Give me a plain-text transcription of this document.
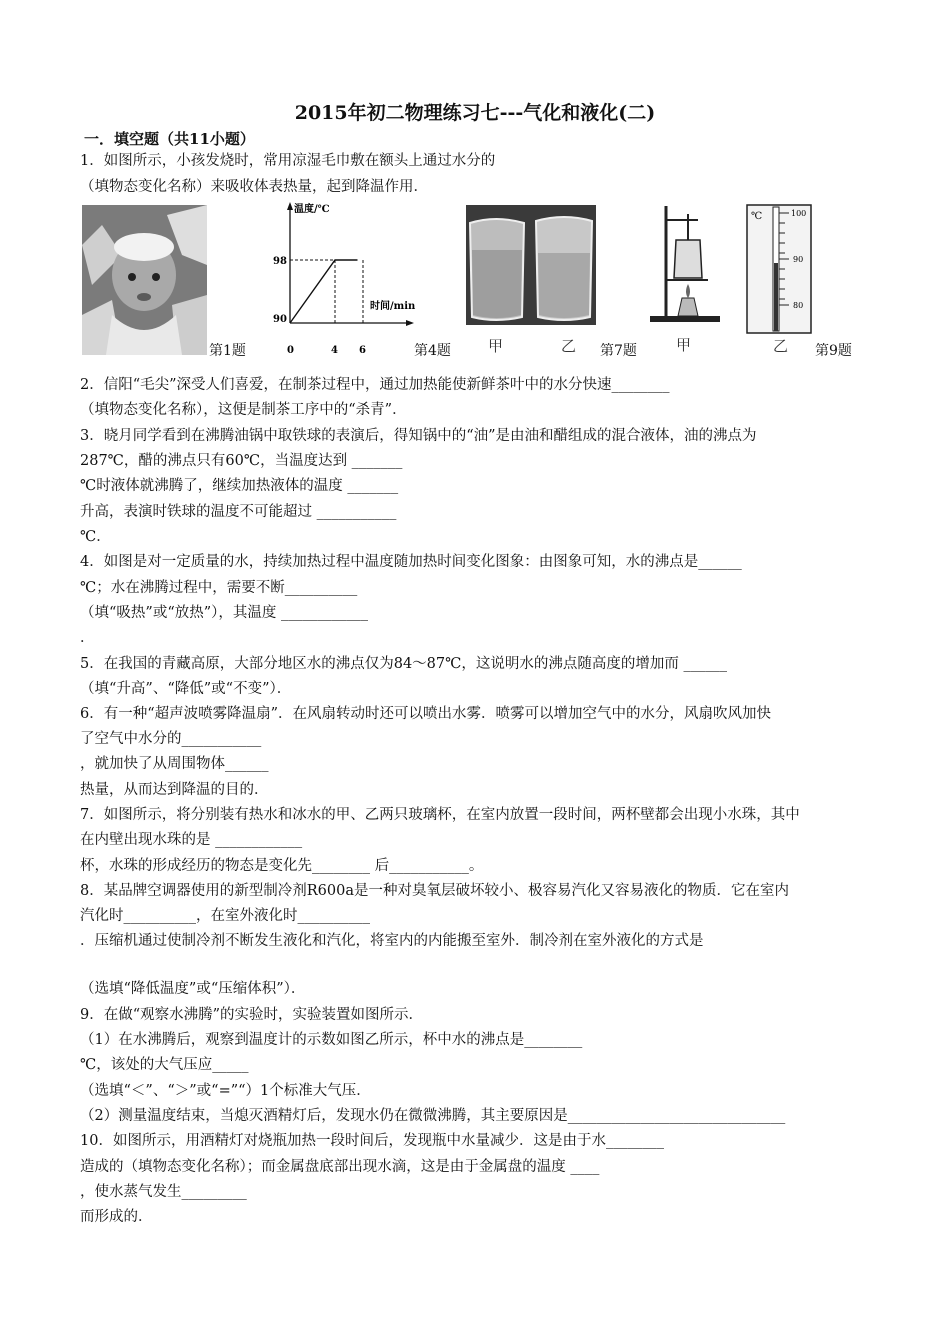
2015年初二物理练习七---气化和液化(二)
一．填空题（共11小题）
1．如图所示，小孩发烧时，常用凉湿毛巾敷在额头上通过水分的
（填物态变化名称）来吸收体表热量，起到降温作用．
第1题
温度/℃
时间/min
98
90
0	4 6	第4题 甲	乙 第7题	甲
℃	100
90
80
乙 第9题
2．信阳“毛尖”深受人们喜爱，在制茶过程中，通过加热能使新鲜茶叶中的水分快速________
（填物态变化名称），这便是制茶工序中的“杀青”．
3．晓月同学看到在沸腾油锅中取铁球的表演后，得知锅中的“油”是由油和醋组成的混合液体，油的沸点为
287℃，醋的沸点只有60℃，当温度达到 _______
℃时液体就沸腾了，继续加热液体的温度 _______
升高，表演时铁球的温度不可能超过 ___________
℃．
4．如图是对一定质量的水，持续加热过程中温度随加热时间变化图象：由图象可知，水的沸点是______
℃；水在沸腾过程中，需要不断__________
（填“吸热”或“放热”），其温度 ____________
．
5．在我国的青藏高原，大部分地区水的沸点仅为84～87℃，这说明水的沸点随高度的增加而 ______
（填“升高”、“降低”或“不变”）．
6．有一种“超声波喷雾降温扇”．在风扇转动时还可以喷出水雾．喷雾可以增加空气中的水分，风扇吹风加快
了空气中水分的___________
，就加快了从周围物体______
热量，从而达到降温的目的．
7．如图所示，将分别装有热水和冰水的甲、乙两只玻璃杯，在室内放置一段时间，两杯壁都会出现小水珠，其中
在内壁出现水珠的是 ____________
杯，水珠的形成经历的物态是变化先________ 后___________。
8．某品牌空调器使用的新型制冷剂R600a是一种对臭氧层破坏较小、极容易汽化又容易液化的物质．它在室内
汽化时__________，在室外液化时__________
．压缩机通过使制冷剂不断发生液化和汽化，将室内的内能搬至室外．制冷剂在室外液化的方式是
（选填“降低温度”或“压缩体积”）．
9．在做“观察水沸腾”的实验时，实验装置如图所示．
（1）在水沸腾后，观察到温度计的示数如图乙所示，杯中水的沸点是________
℃，该处的大气压应_____
（选填“＜”、“＞”或“=”“）1个标准大气压．
（2）测量温度结束，当熄灭酒精灯后，发现水仍在微微沸腾，其主要原因是______________________________
10．如图所示，用酒精灯对烧瓶加热一段时间后，发现瓶中水量减少．这是由于水________
造成的（填物态变化名称）；而金属盘底部出现水滴，这是由于金属盘的温度 ____
，使水蒸气发生_________
而形成的．
